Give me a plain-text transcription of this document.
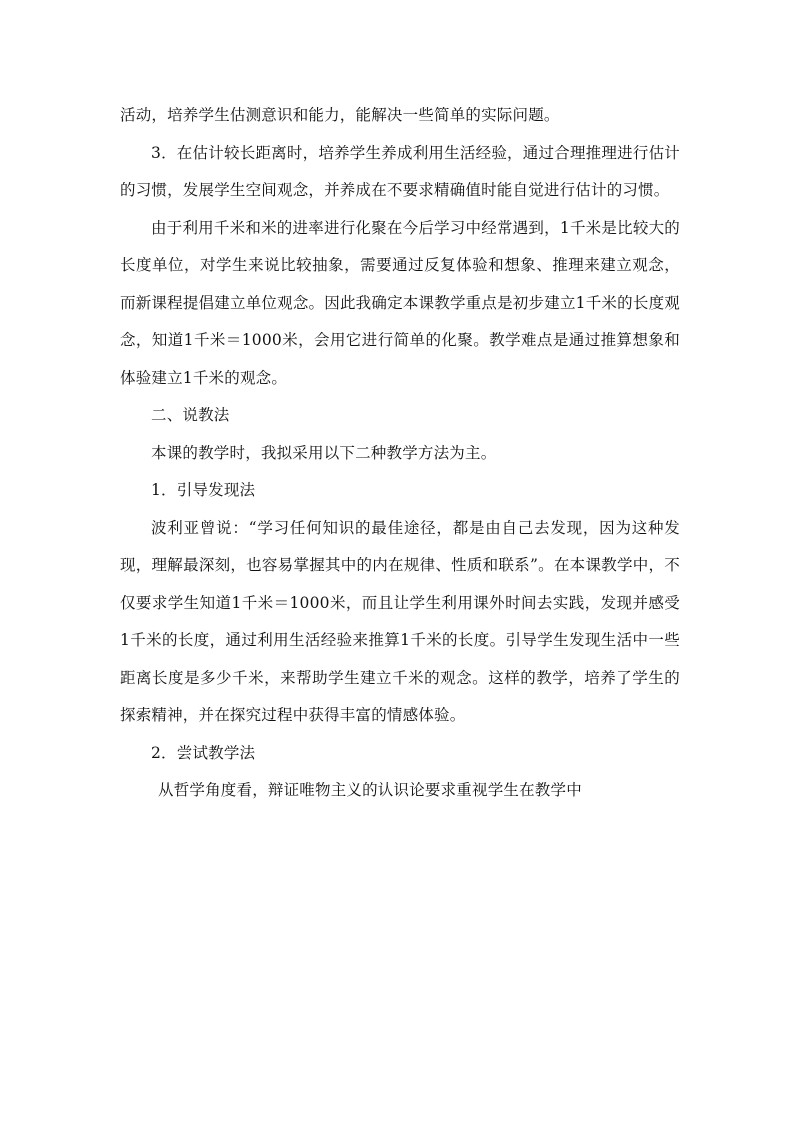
活动，培养学生估测意识和能力，能解决一些简单的实际问题。

3．在估计较长距离时，培养学生养成利用生活经验，通过合理推理进行估计的习惯，发展学生空间观念，并养成在不要求精确值时能自觉进行估计的习惯。

由于利用千米和米的进率进行化聚在今后学习中经常遇到，1千米是比较大的长度单位，对学生来说比较抽象，需要通过反复体验和想象、推理来建立观念，而新课程提倡建立单位观念。因此我确定本课教学重点是初步建立1千米的长度观念，知道1千米＝1000米，会用它进行简单的化聚。教学难点是通过推算想象和体验建立1千米的观念。

二、说教法

本课的教学时，我拟采用以下二种教学方法为主。

1．引导发现法

波利亚曾说：“学习任何知识的最佳途径，都是由自己去发现，因为这种发现，理解最深刻，也容易掌握其中的内在规律、性质和联系”。在本课教学中，不仅要求学生知道1千米＝1000米，而且让学生利用课外时间去实践，发现并感受1千米的长度，通过利用生活经验来推算1千米的长度。引导学生发现生活中一些距离长度是多少千米，来帮助学生建立千米的观念。这样的教学，培养了学生的探索精神，并在探究过程中获得丰富的情感体验。

2．尝试教学法

从哲学角度看，辩证唯物主义的认识论要求重视学生在教学中
